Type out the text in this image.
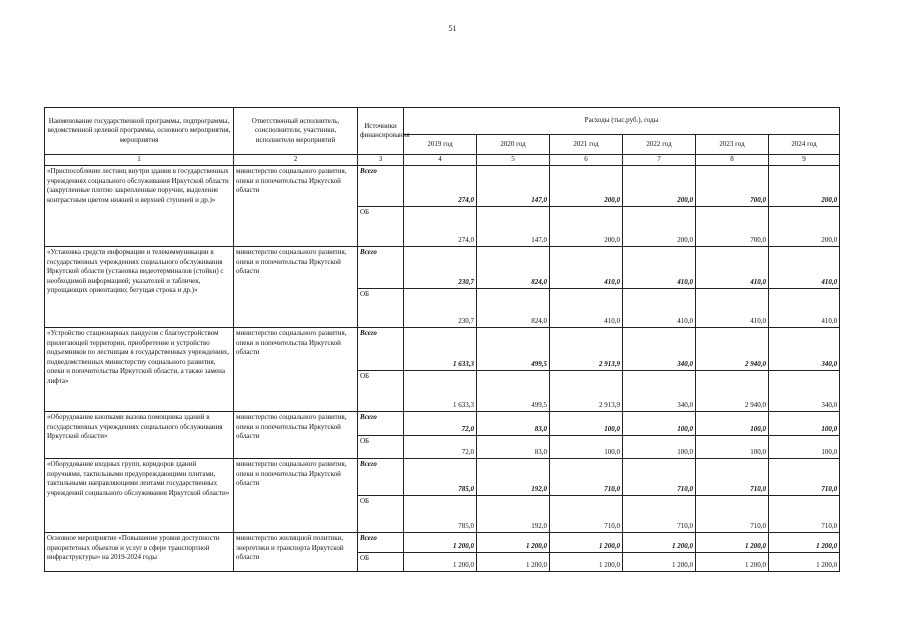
51
Наименование государственной программы, подпрограммы, ведомственной целевой программы, основного мероприятия, мероприятия	Ответственный исполнитель, соисполнители, участники, исполнители мероприятий	Источники финансирования	Расходы (тыс.руб.), годы					
			2019 год	2020 год	2021 год	2022 год	2023 год	2024 год
1	2	3	4	5	6	7	8	9
«Приспособление лестниц внутри здания в государственных учреждениях социального обслуживания Иркутской области (закругленные плотно закрепленные поручни, выделение контрастным цветом нижней и верхней ступеней и др.)»	министерство социального развития, опеки и попечительства Иркутской области	Всего	274,0	147,0	200,0	200,0	700,0	200,0
		ОБ	274,0	147,0	200,0	200,0	700,0	200,0
«Установка средств информации и телекоммуникации в государственных учреждениях социального обслуживания Иркутской области (установка видеотерминалов (стойки) с необходимой информацией; указателей и табличек, упрощающих ориентацию; бегущая строка и др.)»	министерство социального развития, опеки и попечительства Иркутской области	Всего	230,7	824,0	410,0	410,0	410,0	410,0
		ОБ	230,7	824,0	410,0	410,0	410,0	410,0
«Устройство стационарных пандусов с благоустройством прилегающей территории, приобретение и устройство подъемников по лестницам в государственных учреждениях, подведомственных министерству социального развития, опеки и попечительства Иркутской области, а также замена лифта»	министерство социального развития, опеки и попечительства Иркутской области	Всего	1 633,3	499,5	2 913,9	340,0	2 940,0	340,0
		ОБ	1 633,3	499,5	2 913,9	340,0	2 940,0	340,0
«Оборудование кнопками вызова помощника зданий в государственных учреждениях социального обслуживания Иркутской области»	министерство социального развития, опеки и попечительства Иркутской области	Всего	72,0	83,0	100,0	100,0	100,0	100,0
		ОБ	72,0	83,0	100,0	100,0	100,0	100,0
«Оборудование входных групп, коридоров зданий поручнями, тактильными предупреждающими плитами, тактильными направляющими лентами государственных учреждений социального обслуживания Иркутской области»	министерство социального развития, опеки и попечительства Иркутской области	Всего	785,0	192,0	710,0	710,0	710,0	710,0
		ОБ	785,0	192,0	710,0	710,0	710,0	710,0
Основное мероприятие «Повышение уровня доступности приоритетных объектов и услуг в сфере транспортной инфраструктуры» на 2019-2024 годы	министерство жилищной политики, энергетики и транспорта Иркутской области	Всего	1 200,0	1 200,0	1 200,0	1 200,0	1 200,0	1 200,0
		ОБ	1 200,0	1 200,0	1 200,0	1 200,0	1 200,0	1 200,0
